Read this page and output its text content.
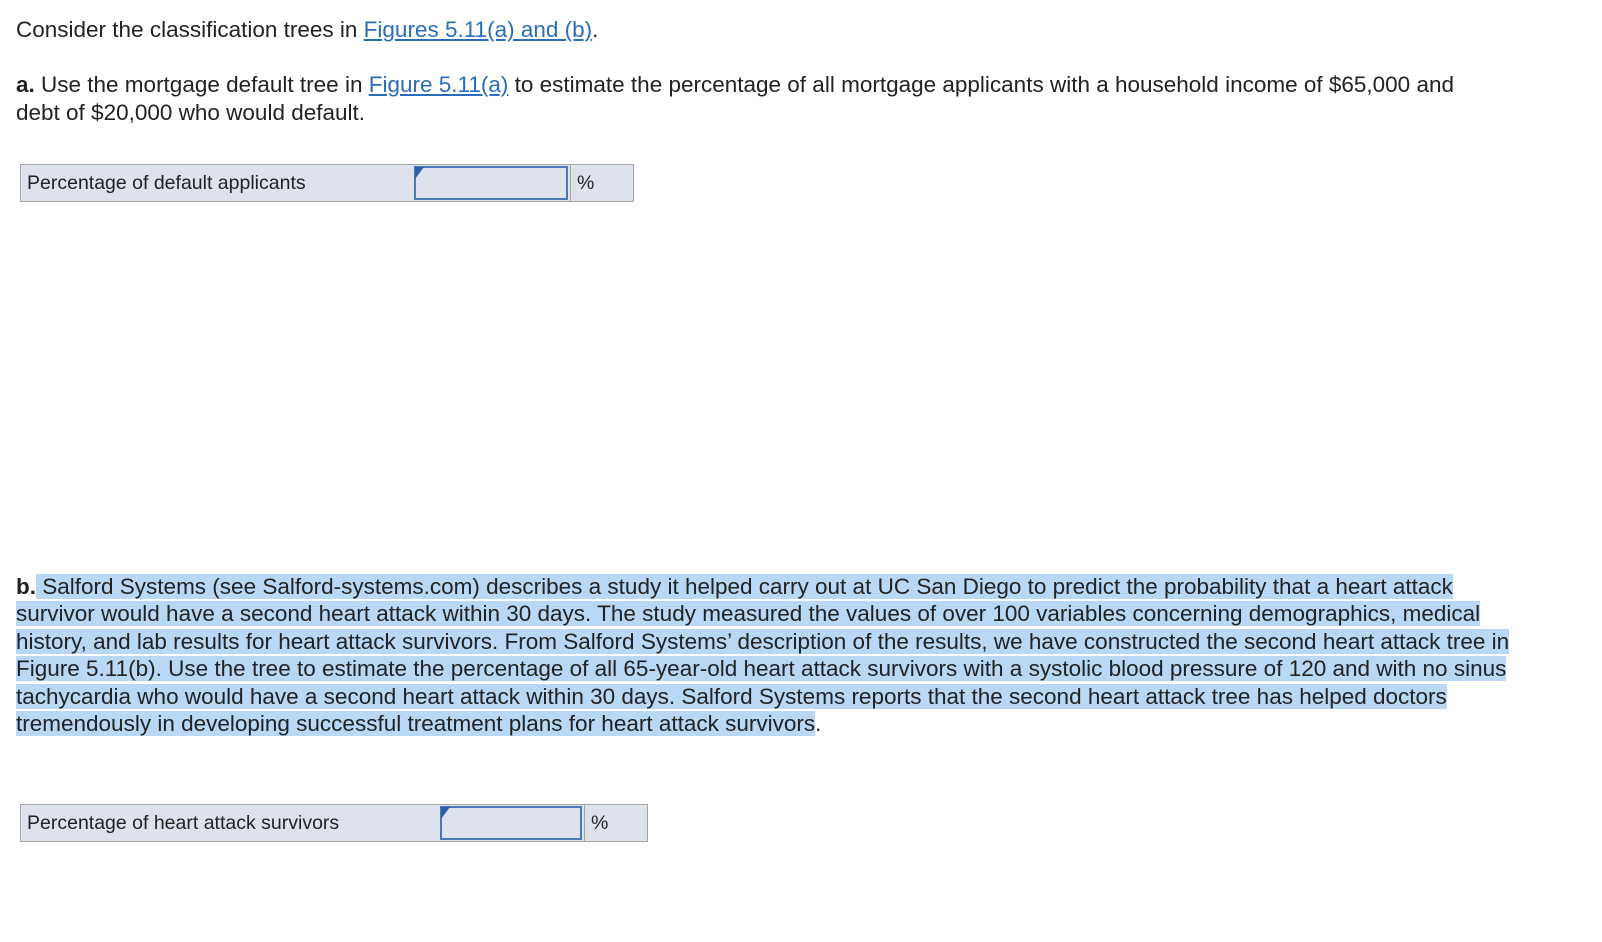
Consider the classification trees in Figures 5.11(a) and (b).

a. Use the mortgage default tree in Figure 5.11(a) to estimate the percentage of all mortgage applicants with a household income of $65,000 and debt of $20,000 who would default.

Percentage of default applicants	%

b. Salford Systems (see Salford-systems.com) describes a study it helped carry out at UC San Diego to predict the probability that a heart attack survivor would have a second heart attack within 30 days. The study measured the values of over 100 variables concerning demographics, medical history, and lab results for heart attack survivors. From Salford Systems’ description of the results, we have constructed the second heart attack tree in Figure 5.11(b). Use the tree to estimate the percentage of all 65-year-old heart attack survivors with a systolic blood pressure of 120 and with no sinus tachycardia who would have a second heart attack within 30 days. Salford Systems reports that the second heart attack tree has helped doctors tremendously in developing successful treatment plans for heart attack survivors.

Percentage of heart attack survivors	%
